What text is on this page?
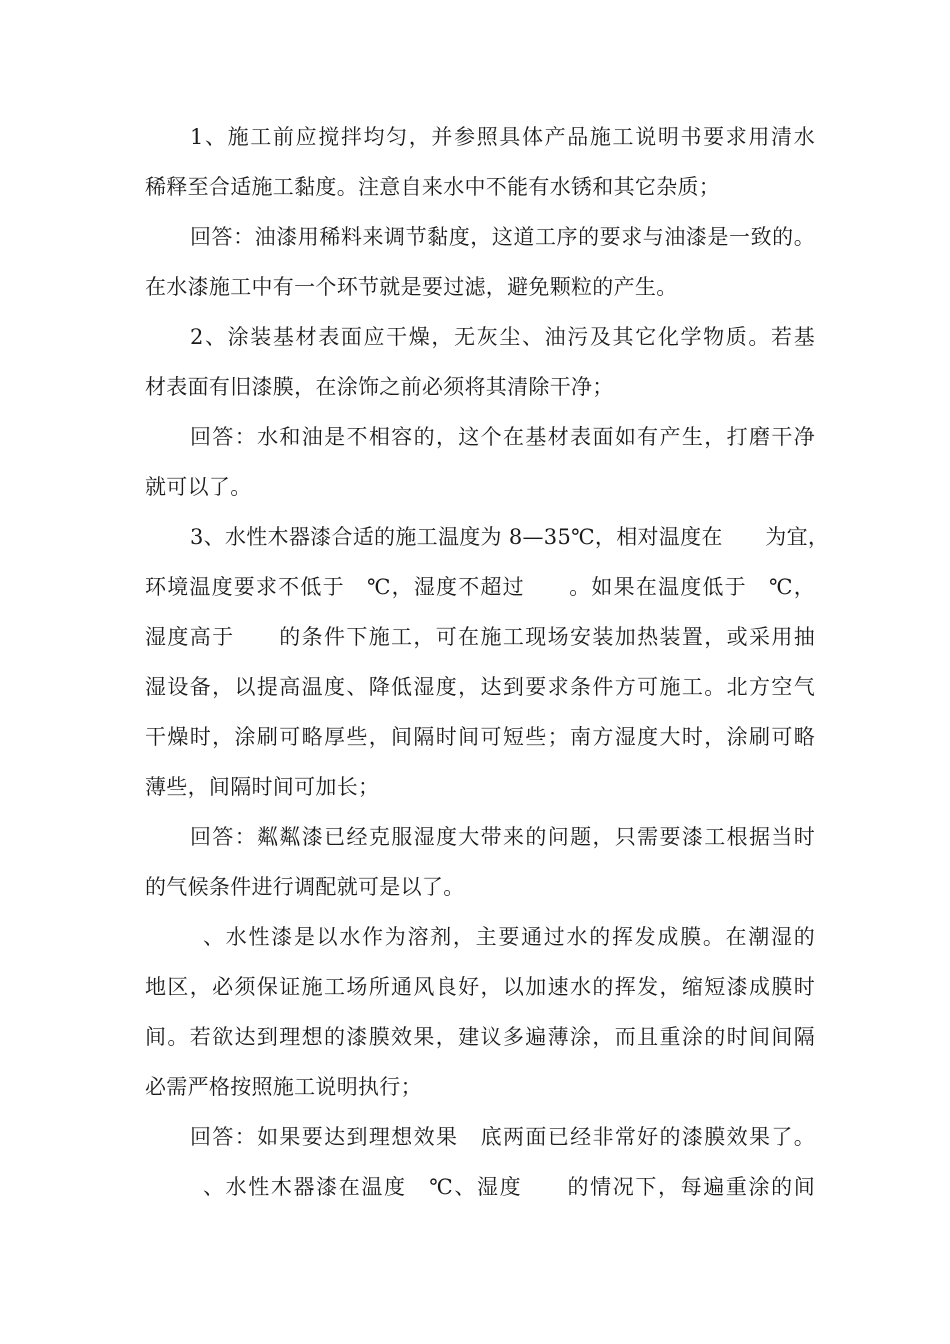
1、施工前应搅拌均匀，并参照具体产品施工说明书要求用清水
稀释至合适施工黏度。注意自来水中不能有水锈和其它杂质；
回答：油漆用稀料来调节黏度，这道工序的要求与油漆是一致的。
在水漆施工中有一个环节就是要过滤，避免颗粒的产生。
2、涂装基材表面应干燥，无灰尘、油污及其它化学物质。若基
材表面有旧漆膜，在涂饰之前必须将其清除干净；
回答：水和油是不相容的，这个在基材表面如有产生，打磨干净
就可以了。
3、水性木器漆合适的施工温度为 8—35℃，相对温度在　　为宜，
环境温度要求不低于　℃，湿度不超过　　。如果在温度低于　℃，
湿度高于　　的条件下施工，可在施工现场安装加热装置，或采用抽
湿设备，以提高温度、降低湿度，达到要求条件方可施工。北方空气
干燥时，涂刷可略厚些，间隔时间可短些；南方湿度大时，涂刷可略
薄些，间隔时间可加长；
回答：粼粼漆已经克服湿度大带来的问题，只需要漆工根据当时
的气候条件进行调配就可是以了。
、水性漆是以水作为溶剂，主要通过水的挥发成膜。在潮湿的
地区，必须保证施工场所通风良好，以加速水的挥发，缩短漆成膜时
间。若欲达到理想的漆膜效果，建议多遍薄涂，而且重涂的时间间隔
必需严格按照施工说明执行；
回答：如果要达到理想效果　底两面已经非常好的漆膜效果了。
、水性木器漆在温度　℃、湿度　　的情况下，每遍重涂的间
